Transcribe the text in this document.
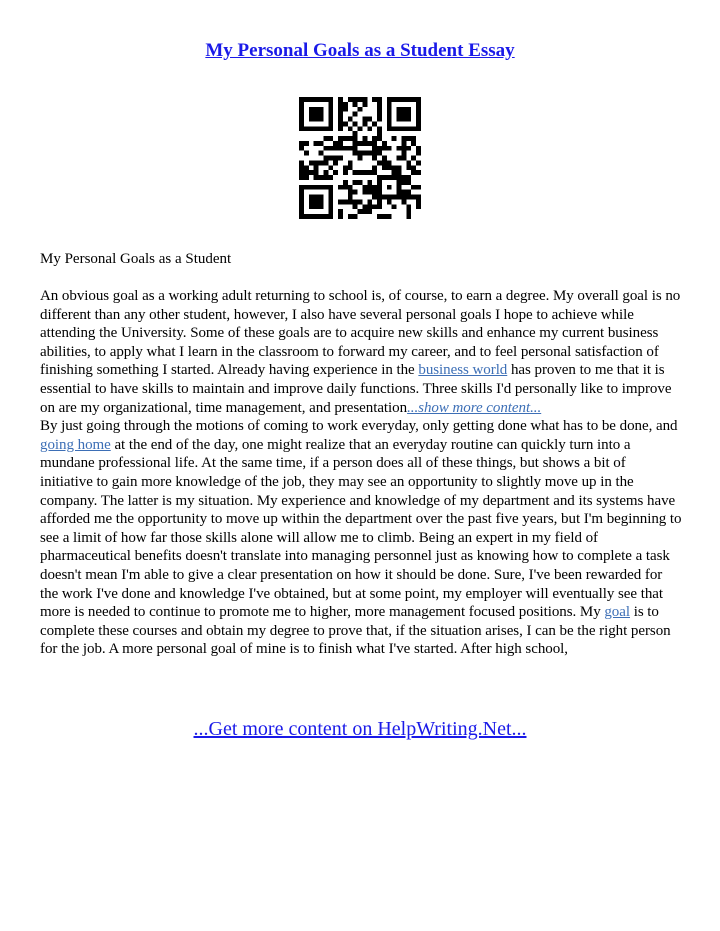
My Personal Goals as a Student Essay
My Personal Goals as a Student

An obvious goal as a working adult returning to school is, of course, to earn a degree. My overall goal is no different than any other student, however, I also have several personal goals I hope to achieve while attending the University. Some of these goals are to acquire new skills and enhance my current business abilities, to apply what I learn in the classroom to forward my career, and to feel personal satisfaction of finishing something I started. Already having experience in the business world has proven to me that it is essential to have skills to maintain and improve daily functions. Three skills I'd personally like to improve on are my organizational, time management, and presentation...show more content...

By just going through the motions of coming to work everyday, only getting done what has to be done, and going home at the end of the day, one might realize that an everyday routine can quickly turn into a mundane professional life. At the same time, if a person does all of these things, but shows a bit of initiative to gain more knowledge of the job, they may see an opportunity to slightly move up in the company. The latter is my situation. My experience and knowledge of my department and its systems have afforded me the opportunity to move up within the department over the past five years, but I'm beginning to see a limit of how far those skills alone will allow me to climb. Being an expert in my field of pharmaceutical benefits doesn't translate into managing personnel just as knowing how to complete a task doesn't mean I'm able to give a clear presentation on how it should be done. Sure, I've been rewarded for the work I've done and knowledge I've obtained, but at some point, my employer will eventually see that more is needed to continue to promote me to higher, more management focused positions. My goal is to complete these courses and obtain my degree to prove that, if the situation arises, I can be the right person for the job. A more personal goal of mine is to finish what I've started. After high school,

...Get more content on HelpWriting.Net...
